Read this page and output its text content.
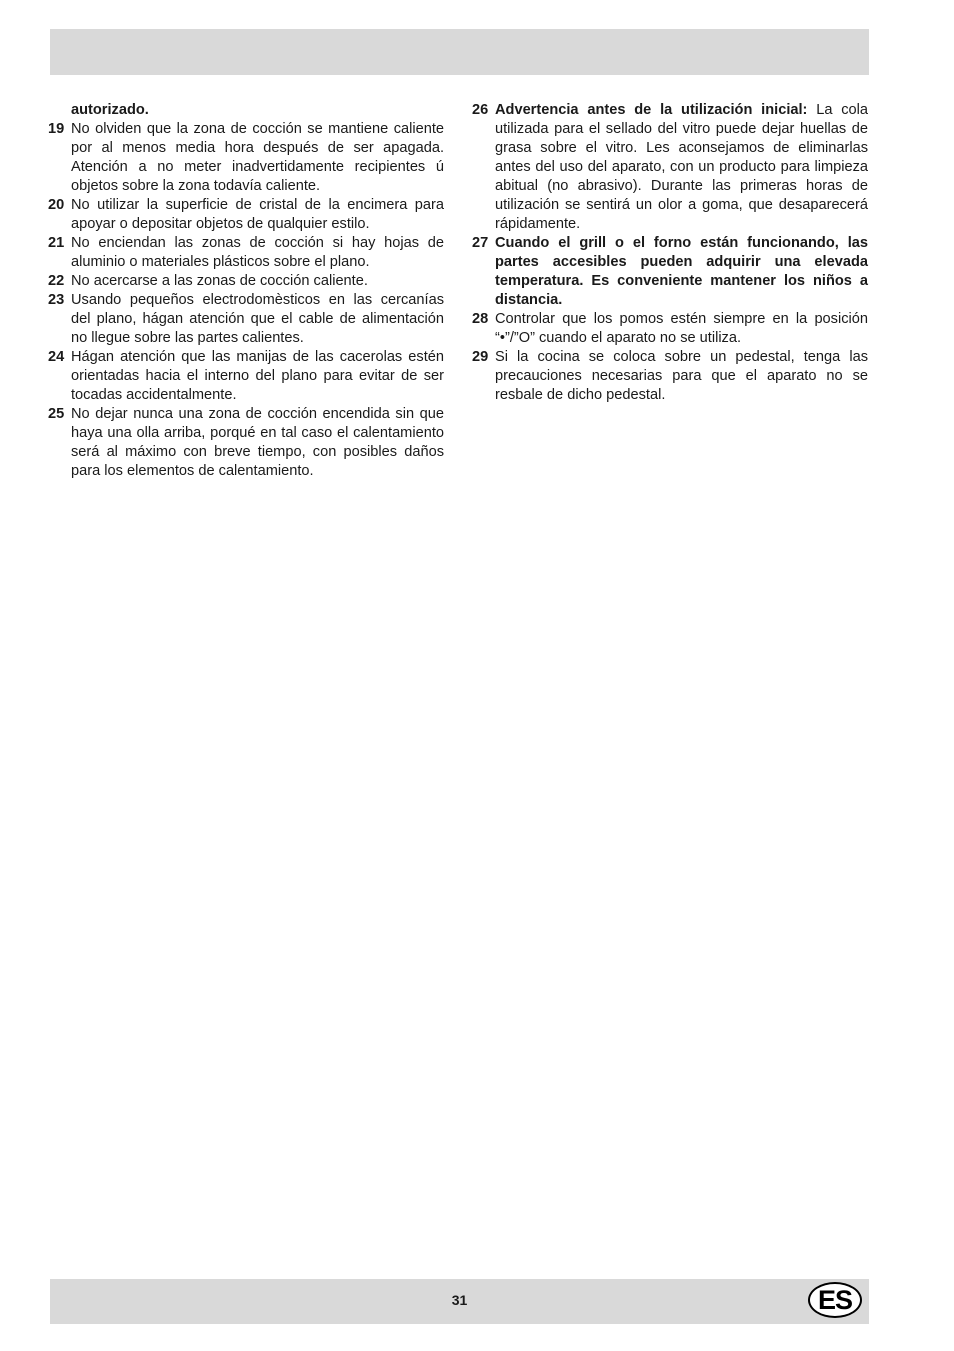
autorizado.
19 No olviden que la zona de cocción se mantiene caliente por al menos media hora después de ser apagada. Atención a no meter inadvertidamente recipientes ú objetos sobre la zona todavía caliente.
20 No utilizar la superficie de cristal de la encimera para apoyar o depositar objetos de qualquier estilo.
21 No enciendan las zonas de cocción si hay hojas de aluminio o materiales plásticos sobre el plano.
22 No acercarse a las zonas de cocción caliente.
23 Usando pequeños electrodomèsticos en las cercanías del plano, hágan atención que el cable de alimentación no llegue sobre las partes calientes.
24 Hágan atención que las manijas de las cacerolas estén orientadas hacia el interno del plano para evitar de ser tocadas accidentalmente.
25 No dejar nunca una zona de cocción encendida sin que haya una olla arriba, porqué en tal caso el calentamiento será al máximo con breve tiempo, con posibles daños para los elementos de calentamiento.
26 Advertencia antes de la utilización inicial: La cola utilizada para el sellado del vitro puede dejar huellas de grasa sobre el vitro. Les aconsejamos de eliminarlas antes del uso del aparato, con un producto para limpieza abitual (no abrasivo). Durante las primeras horas de utilización se sentirá un olor a goma, que desaparecerá rápidamente.
27 Cuando el grill o el forno están funcionando, las partes accesibles pueden adquirir una elevada temperatura. Es conveniente mantener los niños a distancia.
28 Controlar que los pomos estén siempre en la posición “•”/”O” cuando el aparato no se utiliza.
29 Si la cocina se coloca sobre un pedestal, tenga las precauciones necesarias para que el aparato no se resbale de dicho pedestal.
31	ES
